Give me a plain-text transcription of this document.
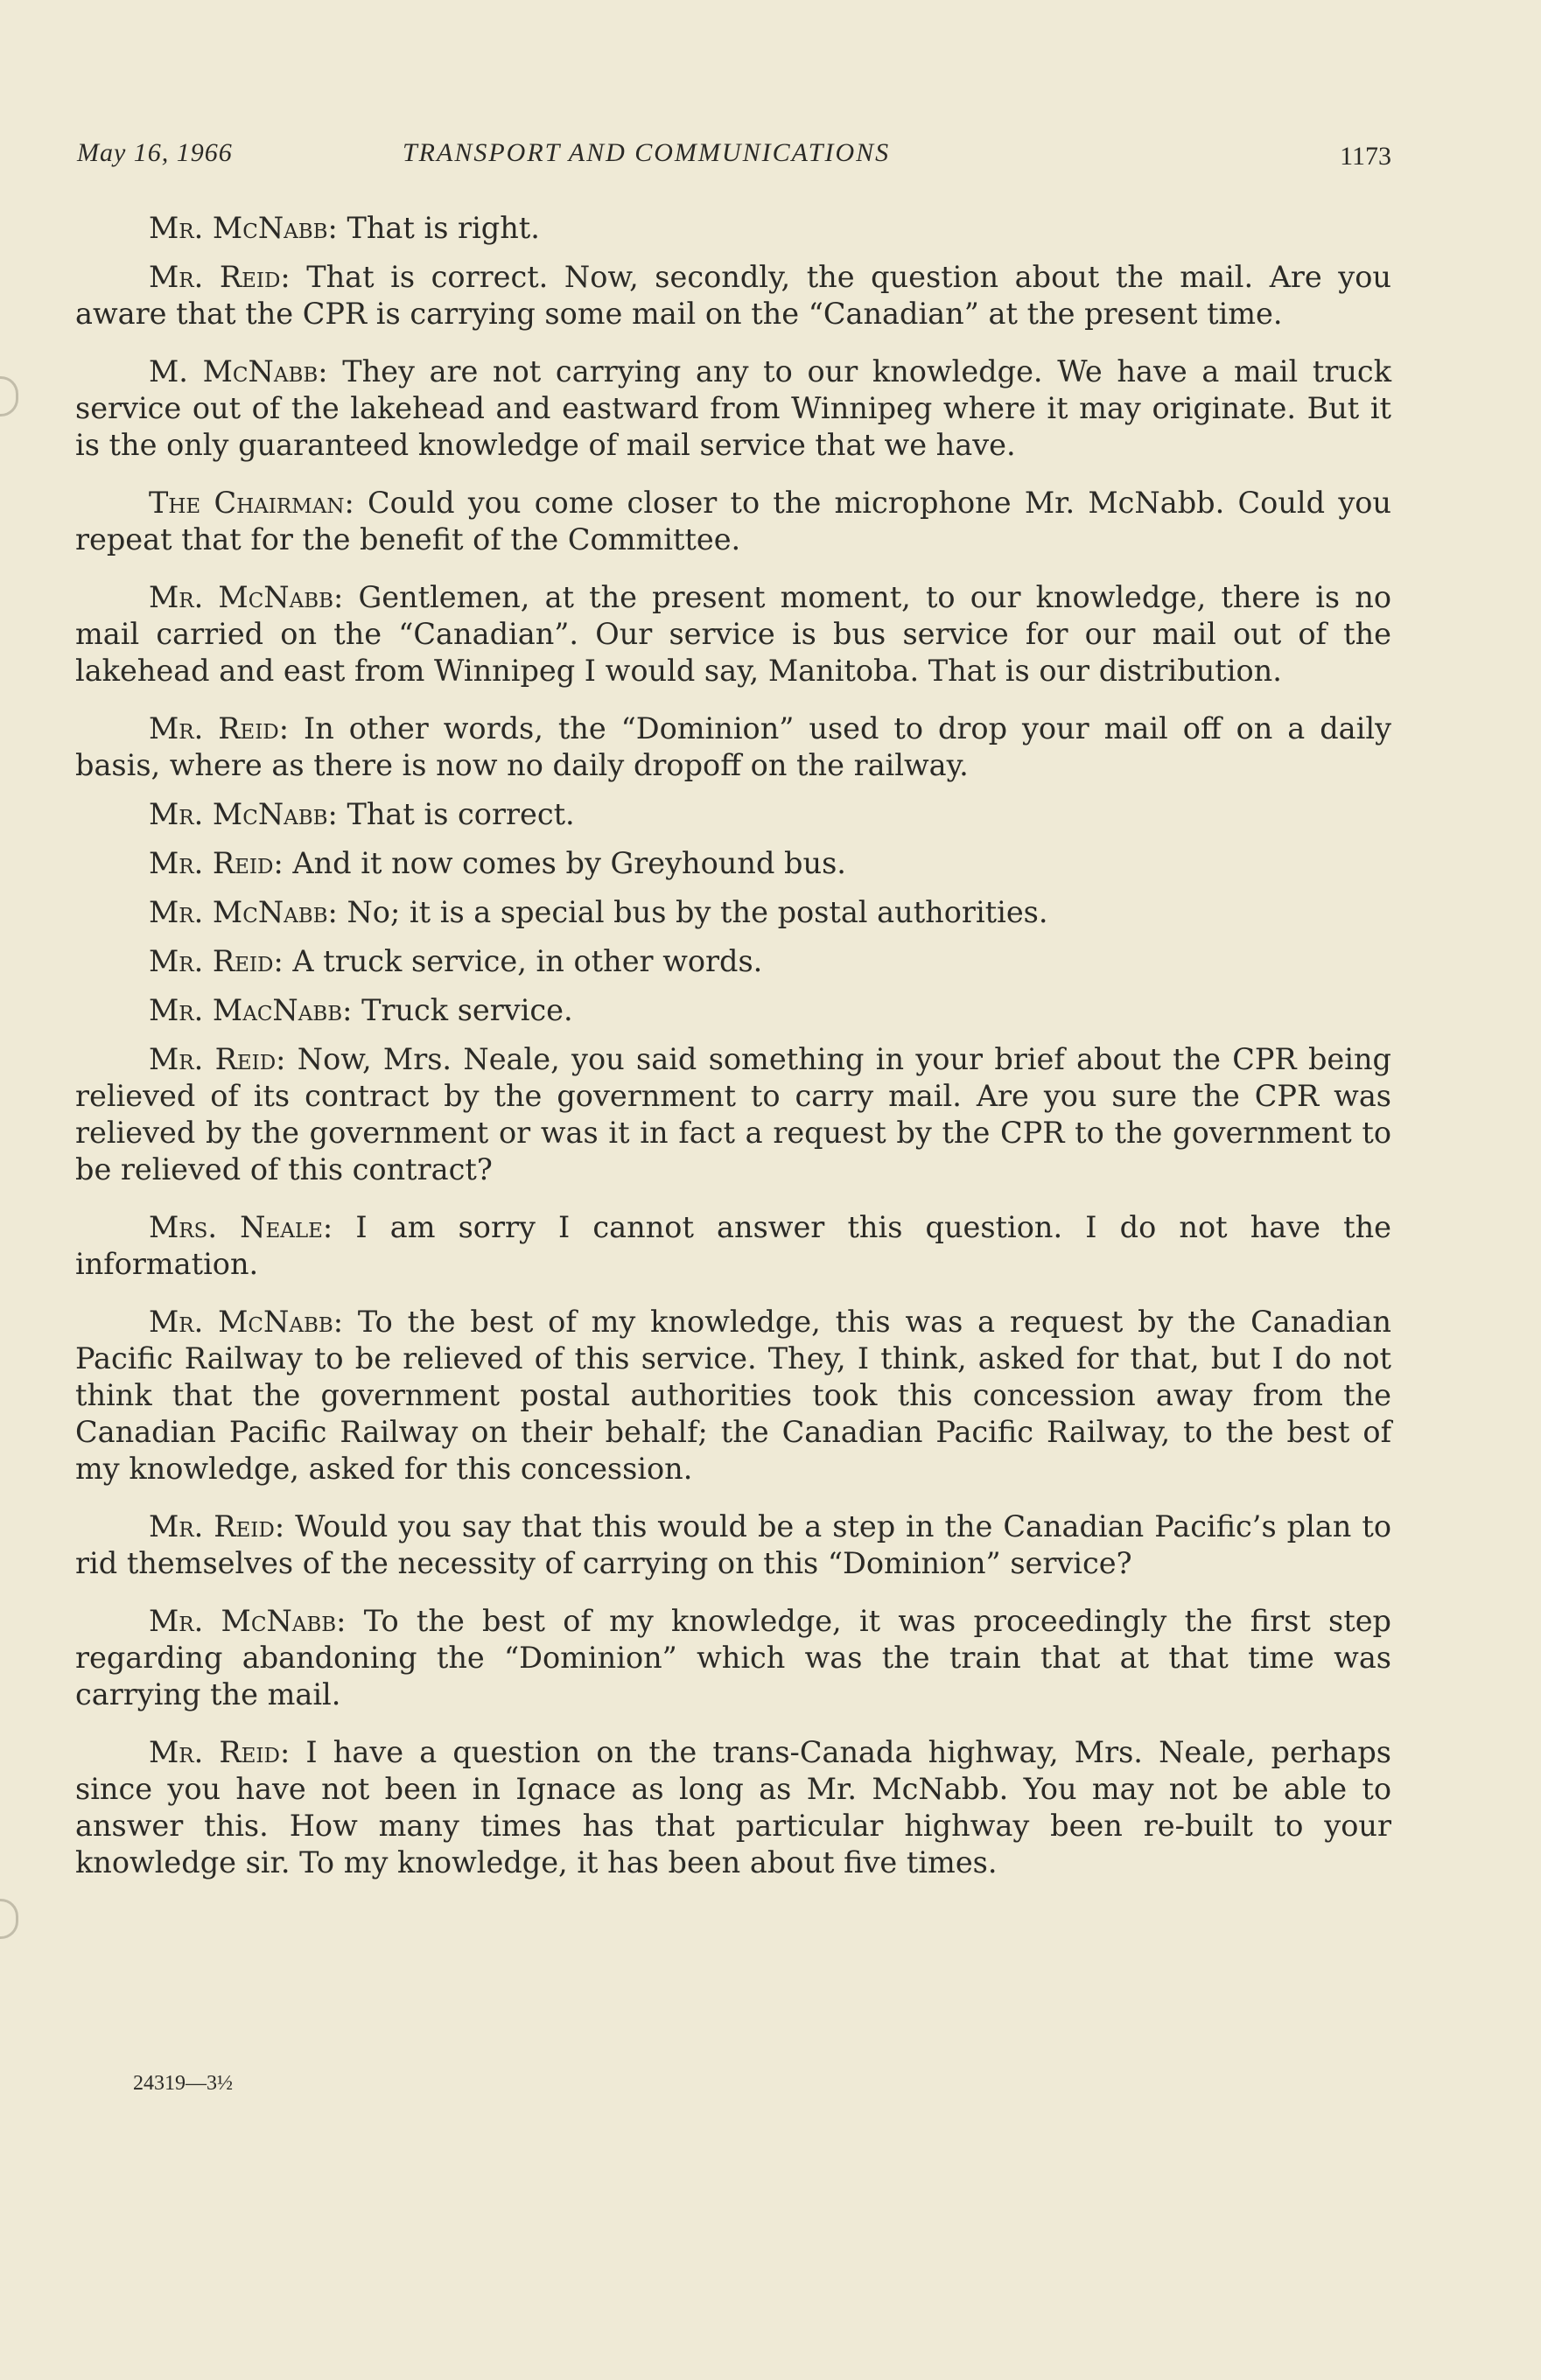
May 16, 1966	TRANSPORT AND COMMUNICATIONS	1173

Mr. McNabb: That is right.

Mr. Reid: That is correct. Now, secondly, the question about the mail. Are you aware that the CPR is carrying some mail on the “Canadian” at the present time.

M. McNabb: They are not carrying any to our knowledge. We have a mail truck service out of the lakehead and eastward from Winnipeg where it may originate. But it is the only guaranteed knowledge of mail service that we have.

The Chairman: Could you come closer to the microphone Mr. McNabb. Could you repeat that for the benefit of the Committee.

Mr. McNabb: Gentlemen, at the present moment, to our knowledge, there is no mail carried on the “Canadian”. Our service is bus service for our mail out of the lakehead and east from Winnipeg I would say, Manitoba. That is our distribution.

Mr. Reid: In other words, the “Dominion” used to drop your mail off on a daily basis, where as there is now no daily dropoff on the railway.

Mr. McNabb: That is correct.

Mr. Reid: And it now comes by Greyhound bus.

Mr. McNabb: No; it is a special bus by the postal authorities.

Mr. Reid: A truck service, in other words.

Mr. MacNabb: Truck service.

Mr. Reid: Now, Mrs. Neale, you said something in your brief about the CPR being relieved of its contract by the government to carry mail. Are you sure the CPR was relieved by the government or was it in fact a request by the CPR to the government to be relieved of this contract?

Mrs. Neale: I am sorry I cannot answer this question. I do not have the information.

Mr. McNabb: To the best of my knowledge, this was a request by the Canadian Pacific Railway to be relieved of this service. They, I think, asked for that, but I do not think that the government postal authorities took this concession away from the Canadian Pacific Railway on their behalf; the Canadian Pacific Railway, to the best of my knowledge, asked for this concession.

Mr. Reid: Would you say that this would be a step in the Canadian Pacific’s plan to rid themselves of the necessity of carrying on this “Dominion” service?

Mr. McNabb: To the best of my knowledge, it was proceedingly the first step regarding abandoning the “Dominion” which was the train that at that time was carrying the mail.

Mr. Reid: I have a question on the trans-Canada highway, Mrs. Neale, perhaps since you have not been in Ignace as long as Mr. McNabb. You may not be able to answer this. How many times has that particular highway been re-built to your knowledge sir. To my knowledge, it has been about five times.

24319—3½
